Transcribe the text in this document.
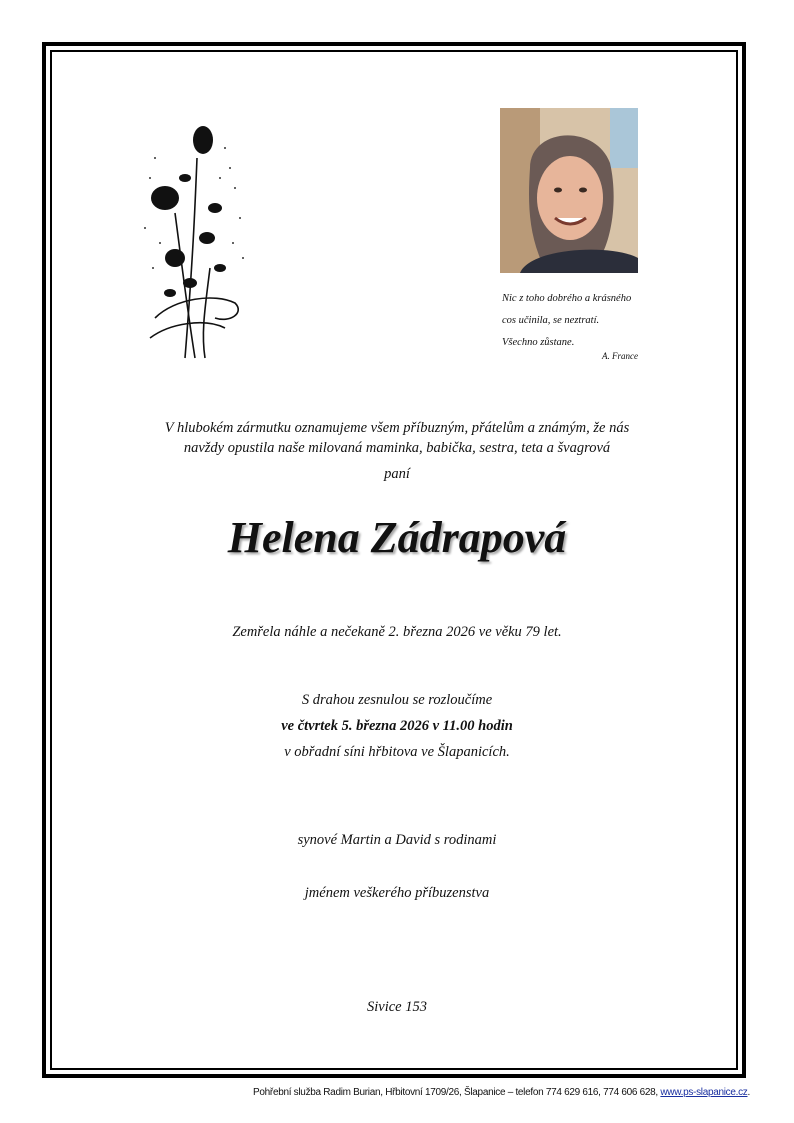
Nic z toho dobrého a krásného
cos učinila, se neztratí.
Všechno zůstane.
A. France
V hlubokém zármutku oznamujeme všem příbuzným, přátelům a známým, že nás
navždy opustila naše milovaná maminka, babička, sestra, teta a švagrová
paní
Helena Zádrapová
Zemřela náhle a nečekaně 2. března 2026 ve věku 79 let.
S drahou zesnulou se rozloučíme
ve čtvrtek 5. března 2026 v 11.00 hodin
v obřadní síni hřbitova ve Šlapanicích.
synové Martin a David s rodinami
jménem veškerého příbuzenstva
Sivice 153
Pohřební služba Radim Burian, Hřbitovní 1709/26, Šlapanice – telefon 774 629 616, 774 606 628, www.ps-slapanice.cz.
